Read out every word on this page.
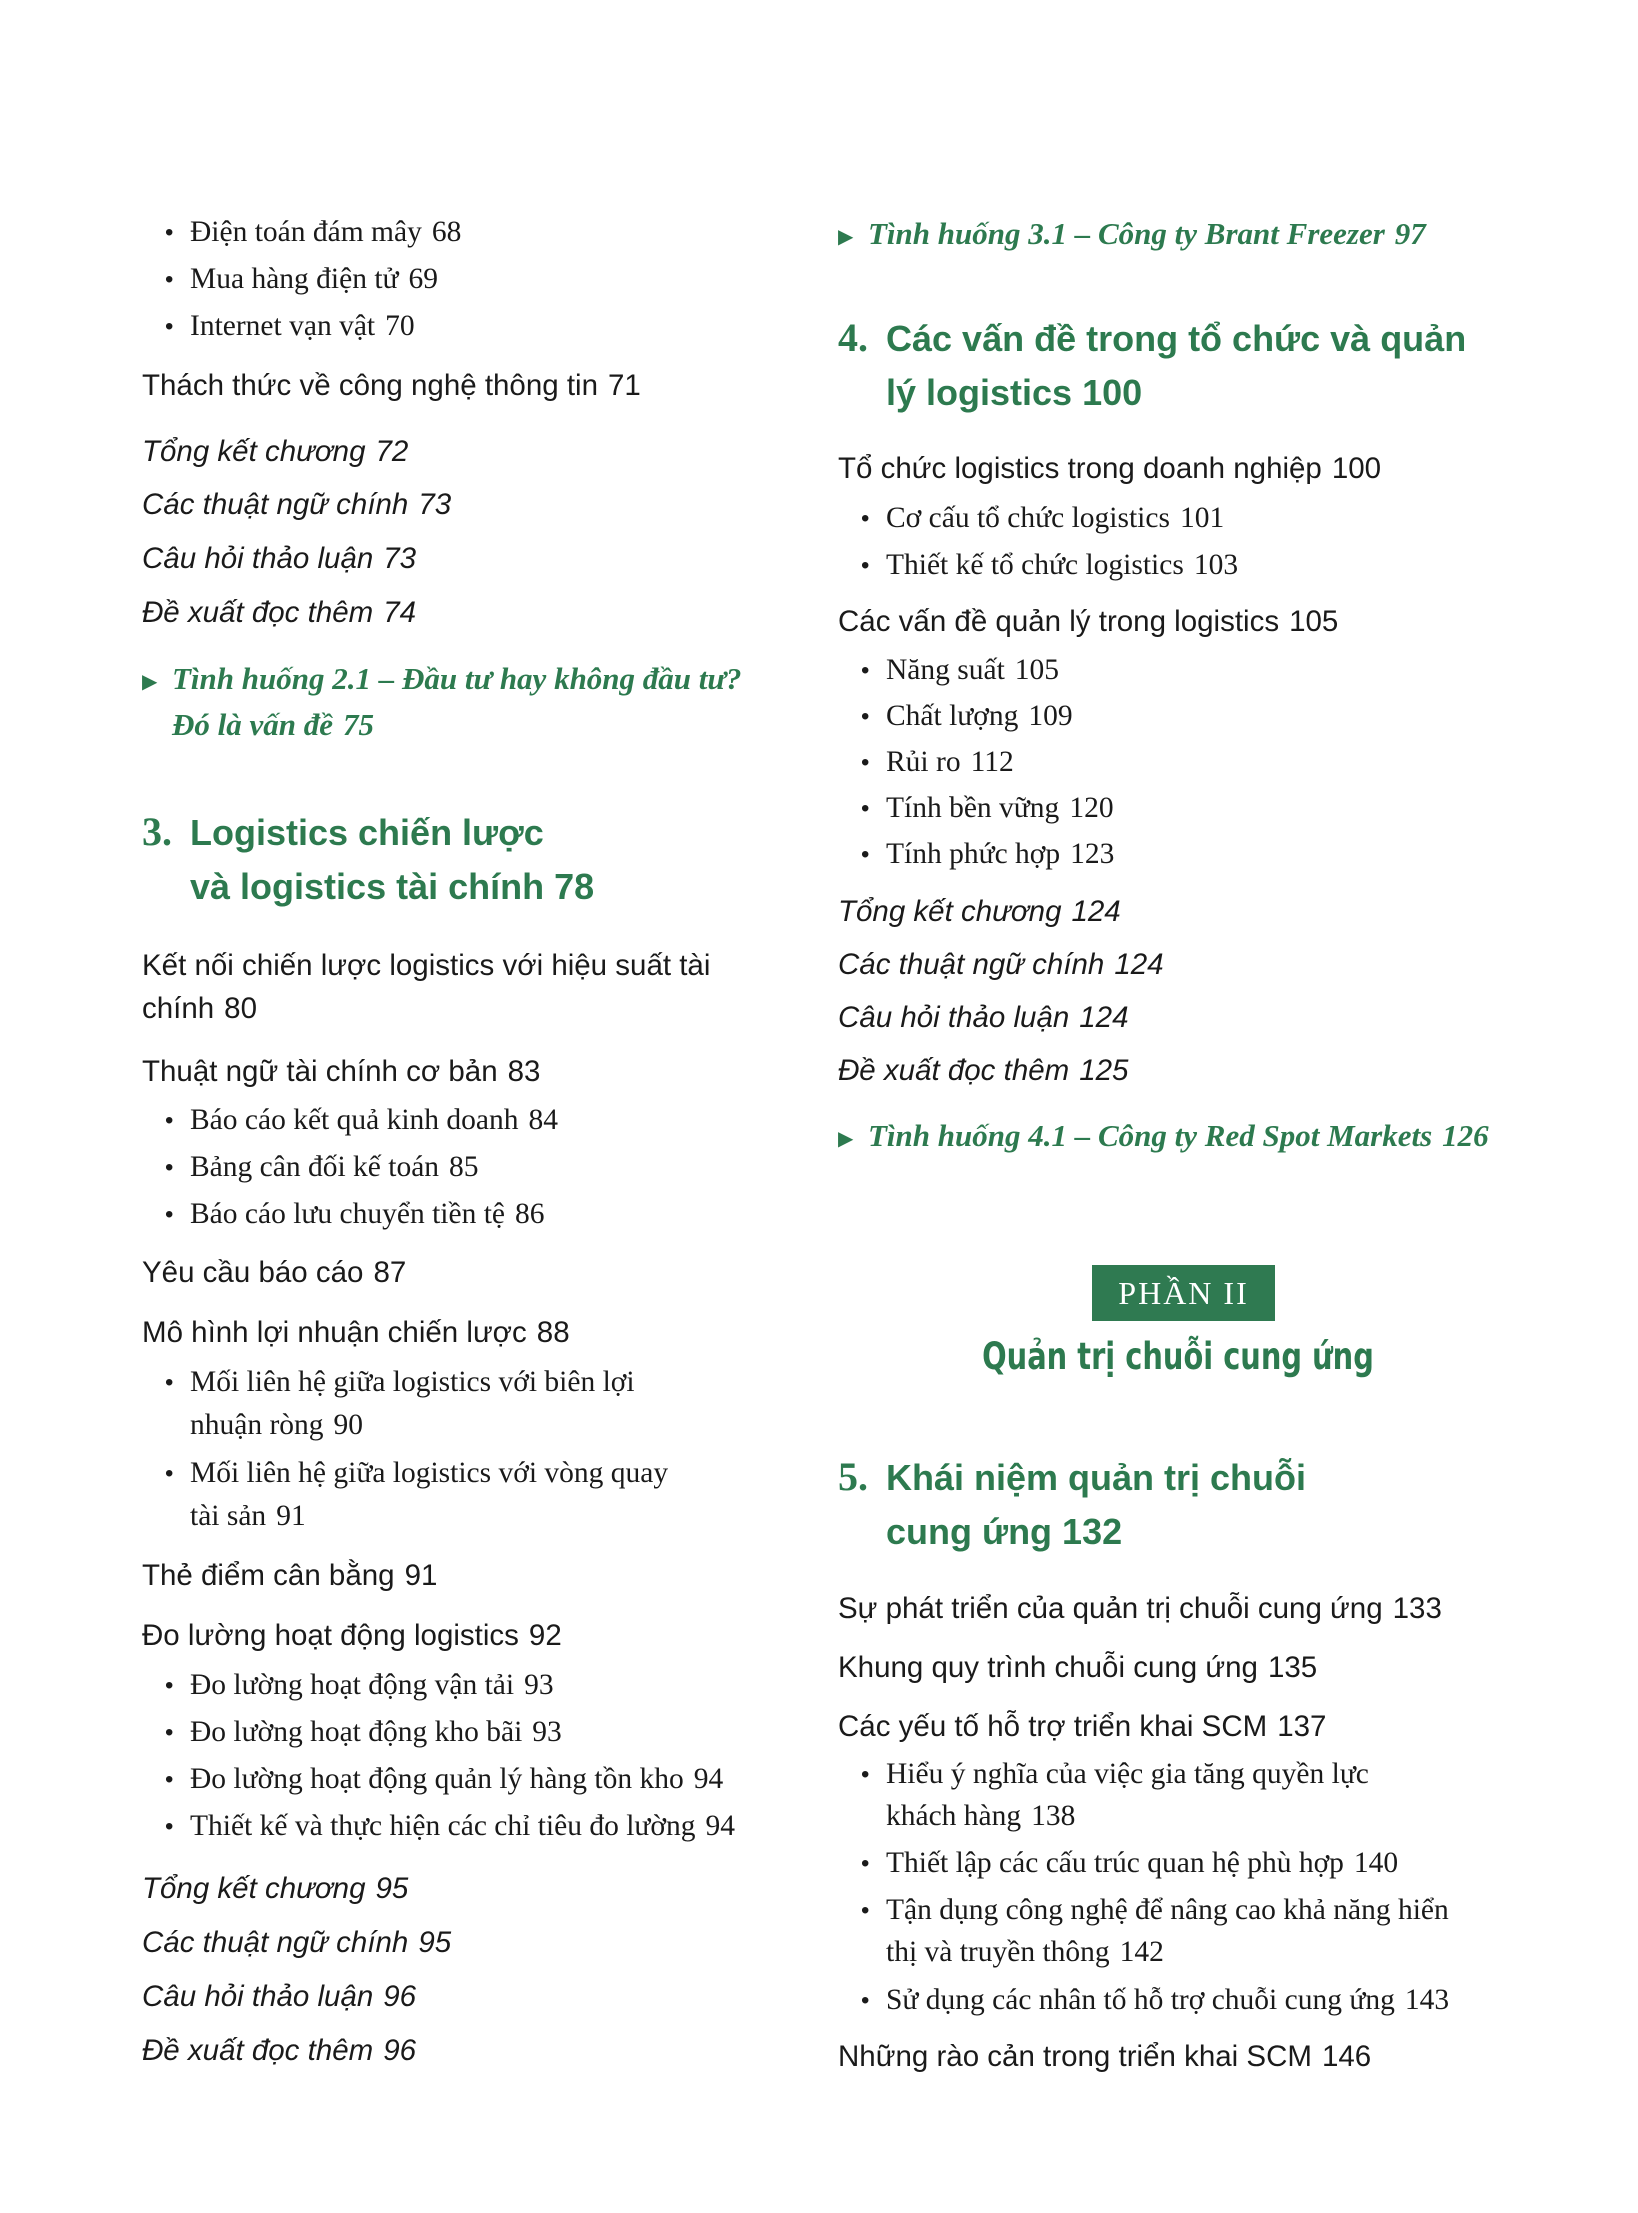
• Điện toán đám mây 68
• Mua hàng điện tử 69
• Internet vạn vật 70
Thách thức về công nghệ thông tin 71
Tổng kết chương 72
Các thuật ngữ chính 73
Câu hỏi thảo luận 73
Đề xuất đọc thêm 74
▶ Tình huống 2.1 – Đầu tư hay không đầu tư?
Đó là vấn đề 75
3. Logistics chiến lược
và logistics tài chính 78
Kết nối chiến lược logistics với hiệu suất tài
chính 80
Thuật ngữ tài chính cơ bản 83
• Báo cáo kết quả kinh doanh 84
• Bảng cân đối kế toán 85
• Báo cáo lưu chuyển tiền tệ 86
Yêu cầu báo cáo 87
Mô hình lợi nhuận chiến lược 88
• Mối liên hệ giữa logistics với biên lợi
nhuận ròng 90
• Mối liên hệ giữa logistics với vòng quay
tài sản 91
Thẻ điểm cân bằng 91
Đo lường hoạt động logistics 92
• Đo lường hoạt động vận tải 93
• Đo lường hoạt động kho bãi 93
• Đo lường hoạt động quản lý hàng tồn kho 94
• Thiết kế và thực hiện các chỉ tiêu đo lường 94
Tổng kết chương 95
Các thuật ngữ chính 95
Câu hỏi thảo luận 96
Đề xuất đọc thêm 96
▶ Tình huống 3.1 – Công ty Brant Freezer 97
4. Các vấn đề trong tổ chức và quản
lý logistics 100
Tổ chức logistics trong doanh nghiệp 100
• Cơ cấu tổ chức logistics 101
• Thiết kế tổ chức logistics 103
Các vấn đề quản lý trong logistics 105
• Năng suất 105
• Chất lượng 109
• Rủi ro 112
• Tính bền vững 120
• Tính phức hợp 123
Tổng kết chương 124
Các thuật ngữ chính 124
Câu hỏi thảo luận 124
Đề xuất đọc thêm 125
▶ Tình huống 4.1 – Công ty Red Spot Markets 126
PHẦN II
Quản trị chuỗi cung ứng
5. Khái niệm quản trị chuỗi
cung ứng 132
Sự phát triển của quản trị chuỗi cung ứng 133
Khung quy trình chuỗi cung ứng 135
Các yếu tố hỗ trợ triển khai SCM 137
• Hiểu ý nghĩa của việc gia tăng quyền lực
khách hàng 138
• Thiết lập các cấu trúc quan hệ phù hợp 140
• Tận dụng công nghệ để nâng cao khả năng hiển
thị và truyền thông 142
• Sử dụng các nhân tố hỗ trợ chuỗi cung ứng 143
Những rào cản trong triển khai SCM 146
